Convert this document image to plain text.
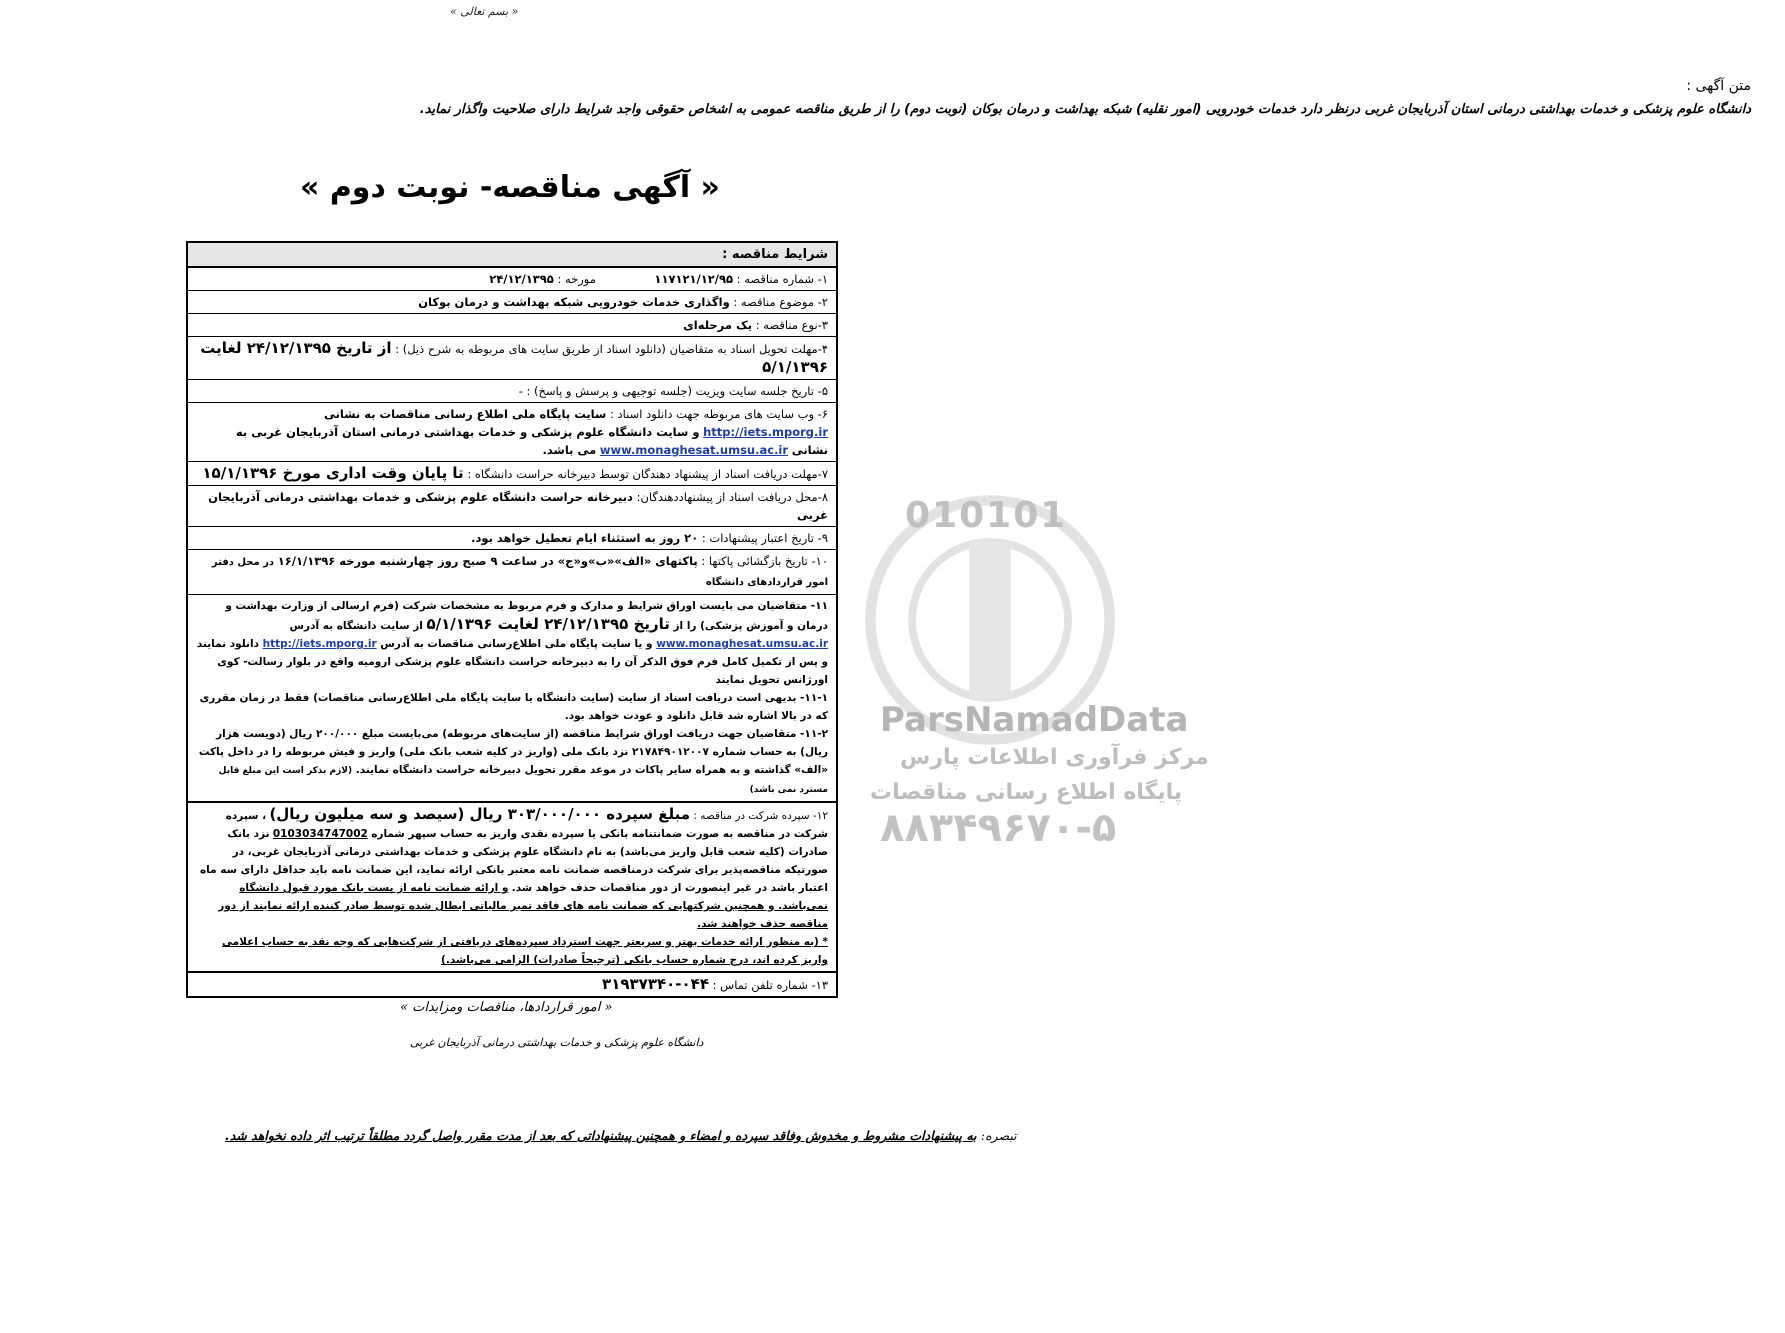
« بسم تعالی »
متن آگهی :
دانشگاه علوم پزشکی و خدمات بهداشتی درمانی استان آذربایجان غربی درنظر دارد خدمات خودرویی (امور نقلیه) شبکه بهداشت و درمان بوکان (نوبت دوم) را از طریق مناقصه عمومی به اشخاص حقوقی واجد شرایط دارای صلاحیت واگذار نماید.
« آگهی مناقصه- نوبت دوم »
010101
ParsNamadData
مرکز فرآوری اطلاعات پارس
پایگاه اطلاع رسانی مناقصات
۸۸۳۴۹۶۷۰-۵
شرایط مناقصه :
۱- شماره مناقصه : ۱۱۷۱۲۱/۱۲/۹۵                مورخه : ۲۴/۱۲/۱۳۹۵
۲- موضوع مناقصه : واگذاری خدمات خودرویی شبکه بهداشت و درمان بوکان
۳-نوع مناقصه : یک مرحله‌ای
۴-مهلت تحویل اسناد به متقاضیان (دانلود اسناد از طریق سایت های مربوطه به شرح ذیل) : از تاریخ ۲۴/۱۲/۱۳۹۵ لغایت ۵/۱/۱۳۹۶
۵- تاریخ جلسه سایت ویزیت (جلسه توجیهی و پرسش و پاسخ) : -
۶- وب سایت های مربوطه جهت دانلود اسناد : سایت پایگاه ملی اطلاع رسانی مناقصات به نشانی http://iets.mporg.ir و سایت دانشگاه علوم پزشکی و خدمات بهداشتی درمانی استان آذربایجان غربی به نشانی www.monaghesat.umsu.ac.ir می باشد.
۷-مهلت دریافت اسناد از پیشنهاد دهندگان توسط دبیرخانه حراست دانشگاه : تا پایان وقت اداری مورخ ۱۵/۱/۱۳۹۶
۸-محل دریافت اسناد از پیشنهاددهندگان: دبیرخانه حراست دانشگاه علوم پزشکی و خدمات بهداشتی درمانی آذربایجان غربی
۹- تاریخ اعتبار پیشنهادات : ۲۰ روز به استثناء ایام تعطیل خواهد بود.
۱۰- تاریخ بازگشائی پاکتها : پاکتهای «الف»«ب»و«ج» در ساعت ۹ صبح روز چهارشنبه مورخه ۱۶/۱/۱۳۹۶ در محل دفتر امور قراردادهای دانشگاه
۱۱- متقاضیان می بایست اوراق شرایط و مدارک و فرم مربوط به مشخصات شرکت (فرم ارسالی از وزارت بهداشت و درمان و آموزش پزشکی) را از تاریخ ۲۴/۱۲/۱۳۹۵ لغایت ۵/۱/۱۳۹۶ از سایت دانشگاه به آدرس www.monaghesat.umsu.ac.ir و یا سایت پایگاه ملی اطلاع‌رسانی مناقصات به آدرس http://iets.mporg.ir دانلود نمایند و پس از تکمیل کامل فرم فوق الذکر آن را به دبیرخانه حراست دانشگاه علوم پزشکی ارومیه واقع در بلوار رسالت- کوی اورژانس تحویل نمایند
۱۱-۱- بدیهی است دریافت اسناد از سایت (سایت دانشگاه یا سایت پایگاه ملی اطلاع‌رسانی مناقصات) فقط در زمان مقرری که در بالا اشاره شد قابل دانلود و عودت خواهد بود.
۱۱-۲- متقاضیان جهت دریافت اوراق شرایط مناقصه (از سایت‌های مربوطه) می‌بایست مبلغ ۲۰۰/۰۰۰ ریال (دویست هزار ریال) به حساب شماره ۲۱۷۸۴۹۰۱۲۰۰۷ نزد بانک ملی (واریز در کلیه شعب بانک ملی) واریز و فیش مربوطه را در داخل پاکت «الف» گذاشته و به همراه سایر پاکات در موعد مقرر تحویل دبیرخانه حراست دانشگاه نمایند. (لازم بذکر است این مبلغ قابل مسترد نمی باشد)
۱۲- سپرده شرکت در مناقصه : مبلغ سپرده ۳۰۳/۰۰۰/۰۰۰ ریال (سیصد و سه میلیون ریال) ، سپرده شرکت در مناقصه به صورت ضمانتنامه بانکی یا سپرده نقدی واریز به حساب سپهر شماره 0103034747002 نزد بانک صادرات (کلیه شعب قابل واریز می‌باشد) به نام دانشگاه علوم پزشکی و خدمات بهداشتی درمانی آذربایجان غربی، در صورتیکه مناقصه‌پذیر برای شرکت درمناقصه ضمانت نامه معتبر بانکی ارائه نماید، این ضمانت نامه باید حداقل دارای سه ماه اعتبار باشد در غیر اینصورت از دور مناقصات حذف خواهد شد. و ارائه ضمانت نامه از پست بانک مورد قبول دانشگاه نمی‌باشد. و همچنین شرکتهایی که ضمانت نامه های فاقد تمبر مالیاتی ابطال شده توسط صادر کننده ارائه نمایند از دور مناقصه حذف خواهند شد.
* (به منظور ارائه خدمات بهتر و سریعتر جهت استرداد سپرده‌های دریافتی از شرکت‌هایی که وجه نقد به حساب اعلامی واریز کرده اند، درج شماره حساب بانکی (ترجیحاً صادرات) الزامی می‌باشد.)
۱۳- شماره تلفن تماس : ۰۴۴-۳۱۹۳۷۳۴۰
« امور قراردادها، مناقصات ومزایدات »
دانشگاه علوم پزشکی و خدمات بهداشتی درمانی آذربایجان غربی
تبصره: به پیشنهادات مشروط و مخدوش وفاقد سپرده و امضاء و همچنین پیشنهاداتی که بعد از مدت مقرر واصل گردد مطلقاً ترتیب اثر داده نخواهد شد.
